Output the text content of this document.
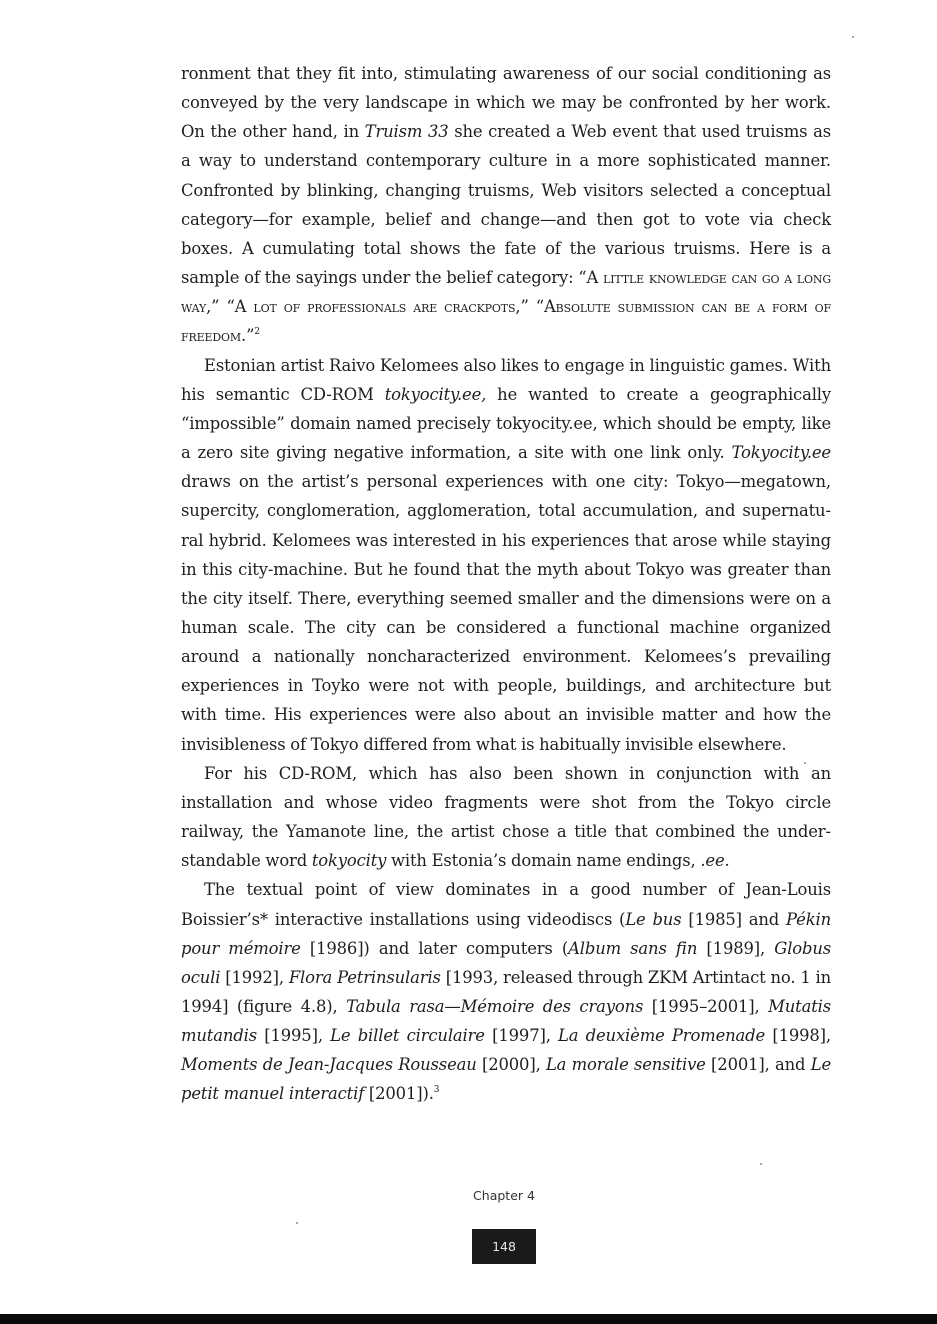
ronment that they fit into, stimulating awareness of our social conditioning as conveyed by the very landscape in which we may be confronted by her work. On the other hand, in Truism 33 she created a Web event that used truisms as a way to understand contemporary culture in a more sophisticated manner. Confronted by blinking, changing truisms, Web visitors selected a conceptual category—for example, belief and change—and then got to vote via check boxes. A cumulating total shows the fate of the various truisms. Here is a sample of the sayings under the belief category: “A little knowledge can go a long way,” “A lot of professionals are crackpots,” “Absolute submission can be a form of freedom.”$^2$

Estonian artist Raivo Kelomees also likes to engage in linguistic games. With his semantic CD-ROM tokyocity.ee, he wanted to create a geographically “impossible” domain named precisely tokyocity.ee, which should be empty, like a zero site giving negative information, a site with one link only. Tokyocity.ee draws on the artist’s personal experiences with one city: Tokyo—megatown, supercity, conglomeration, agglomeration, total accumulation, and supernatural hybrid. Kelomees was interested in his experiences that arose while staying in this city-machine. But he found that the myth about Tokyo was greater than the city itself. There, everything seemed smaller and the dimensions were on a human scale. The city can be considered a functional machine organized around a nationally noncharacterized environment. Kelomees’s prevailing experiences in Toyko were not with people, buildings, and architecture but with time. His experiences were also about an invisible matter and how the invisibleness of Tokyo differed from what is habitually invisible elsewhere.

For his CD-ROM, which has also been shown in conjunction with an installation and whose video fragments were shot from the Tokyo circle railway, the Yamanote line, the artist chose a title that combined the understandable word tokyocity with Estonia’s domain name endings, .ee.

The textual point of view dominates in a good number of Jean-Louis Boissier’s* interactive installations using videodiscs (Le bus [1985] and Pékin pour mémoire [1986]) and later computers (Album sans fin [1989], Globus oculi [1992], Flora Petrinsularis [1993, released through ZKM Artintact no. 1 in 1994] (figure 4.8), Tabula rasa—Mémoire des crayons [1995–2001], Mutatis mutandis [1995], Le billet circulaire [1997], La deuxième Promenade [1998], Moments de Jean-Jacques Rousseau [2000], La morale sensitive [2001], and Le petit manuel interactif [2001]).$^3$

Chapter 4
148
